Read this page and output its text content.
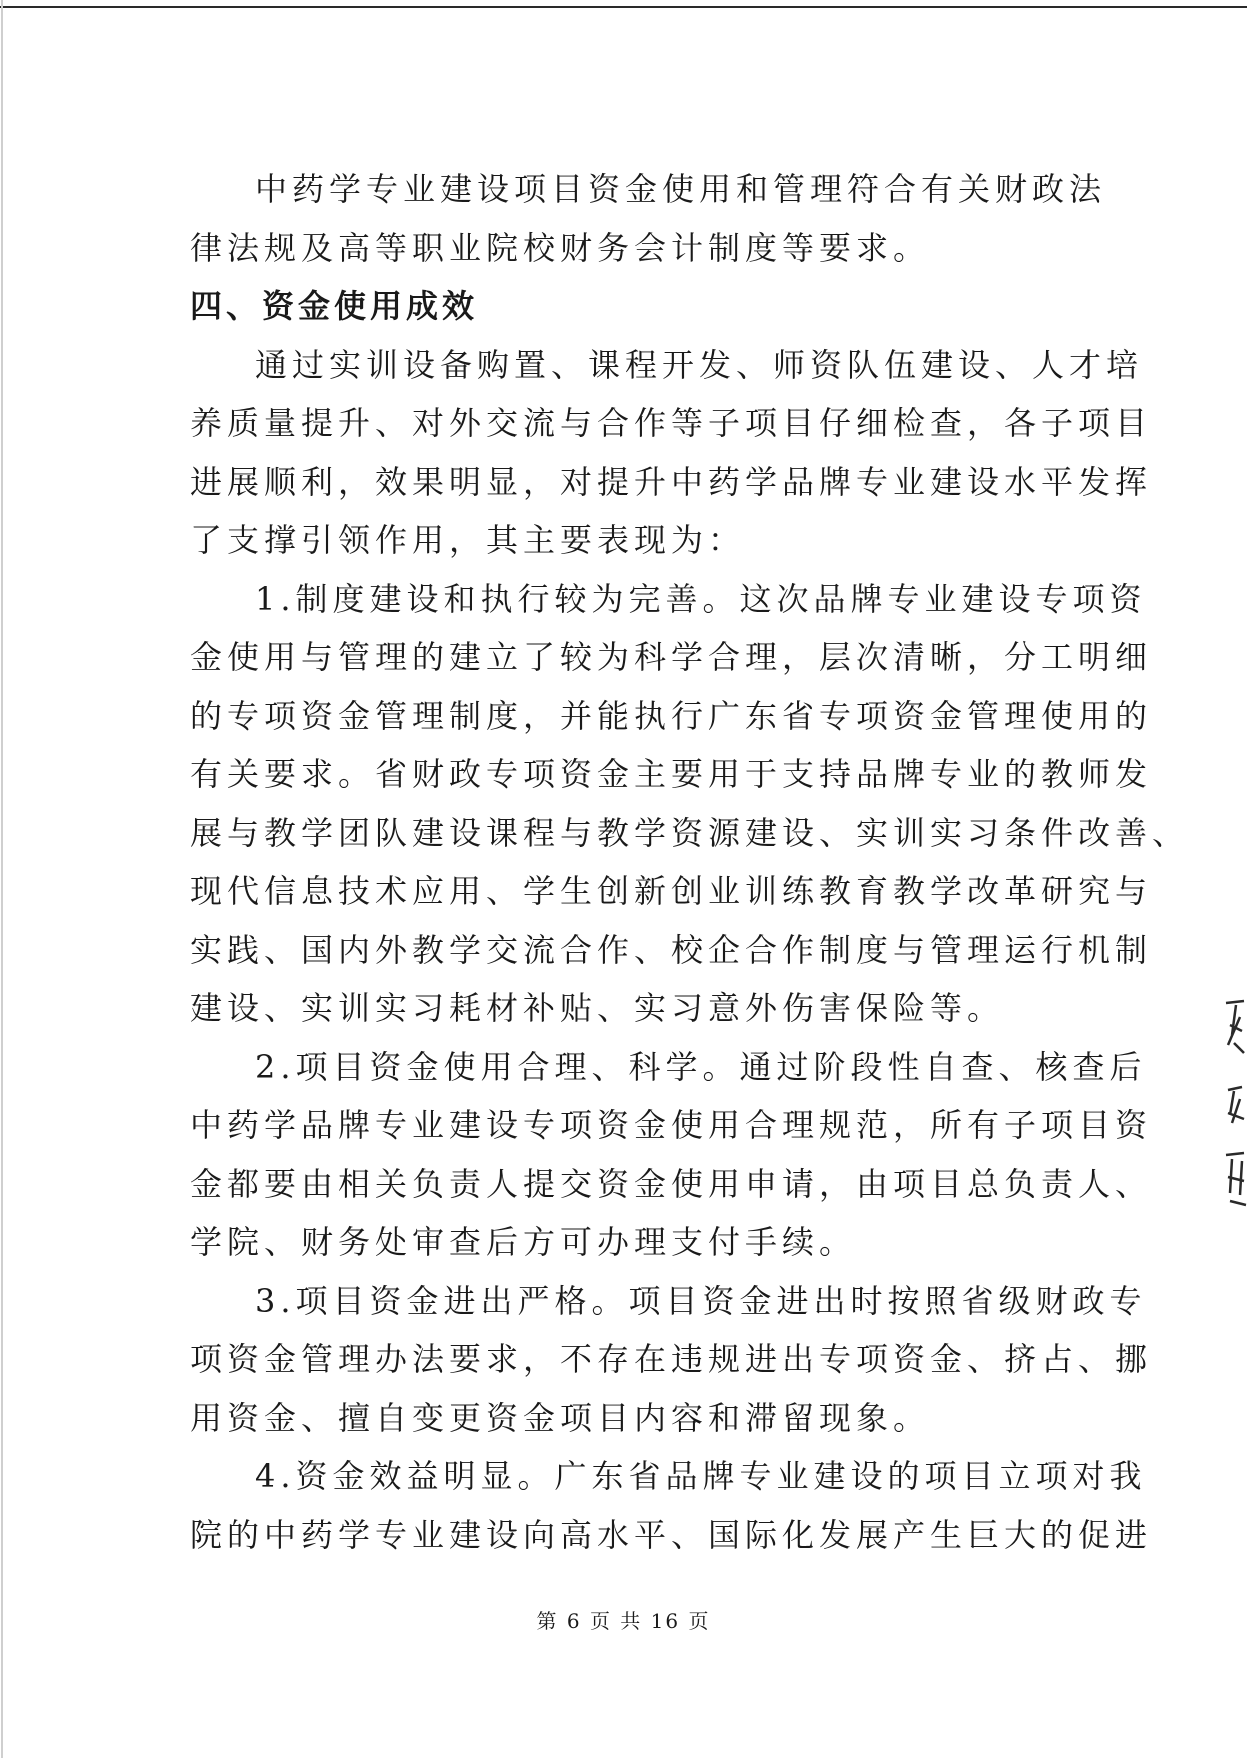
中药学专业建设项目资金使用和管理符合有关财政法
律法规及高等职业院校财务会计制度等要求。
四、资金使用成效
通过实训设备购置、课程开发、师资队伍建设、人才培
养质量提升、对外交流与合作等子项目仔细检查，各子项目
进展顺利，效果明显，对提升中药学品牌专业建设水平发挥
了支撑引领作用，其主要表现为：
1.制度建设和执行较为完善。这次品牌专业建设专项资
金使用与管理的建立了较为科学合理，层次清晰，分工明细
的专项资金管理制度，并能执行广东省专项资金管理使用的
有关要求。省财政专项资金主要用于支持品牌专业的教师发
展与教学团队建设课程与教学资源建设、实训实习条件改善、
现代信息技术应用、学生创新创业训练教育教学改革研究与
实践、国内外教学交流合作、校企合作制度与管理运行机制
建设、实训实习耗材补贴、实习意外伤害保险等。
2.项目资金使用合理、科学。通过阶段性自查、核查后
中药学品牌专业建设专项资金使用合理规范，所有子项目资
金都要由相关负责人提交资金使用申请，由项目总负责人、
学院、财务处审查后方可办理支付手续。
3.项目资金进出严格。项目资金进出时按照省级财政专
项资金管理办法要求，不存在违规进出专项资金、挤占、挪
用资金、擅自变更资金项目内容和滞留现象。
4.资金效益明显。广东省品牌专业建设的项目立项对我
院的中药学专业建设向高水平、国际化发展产生巨大的促进
第 6 页 共 16 页
